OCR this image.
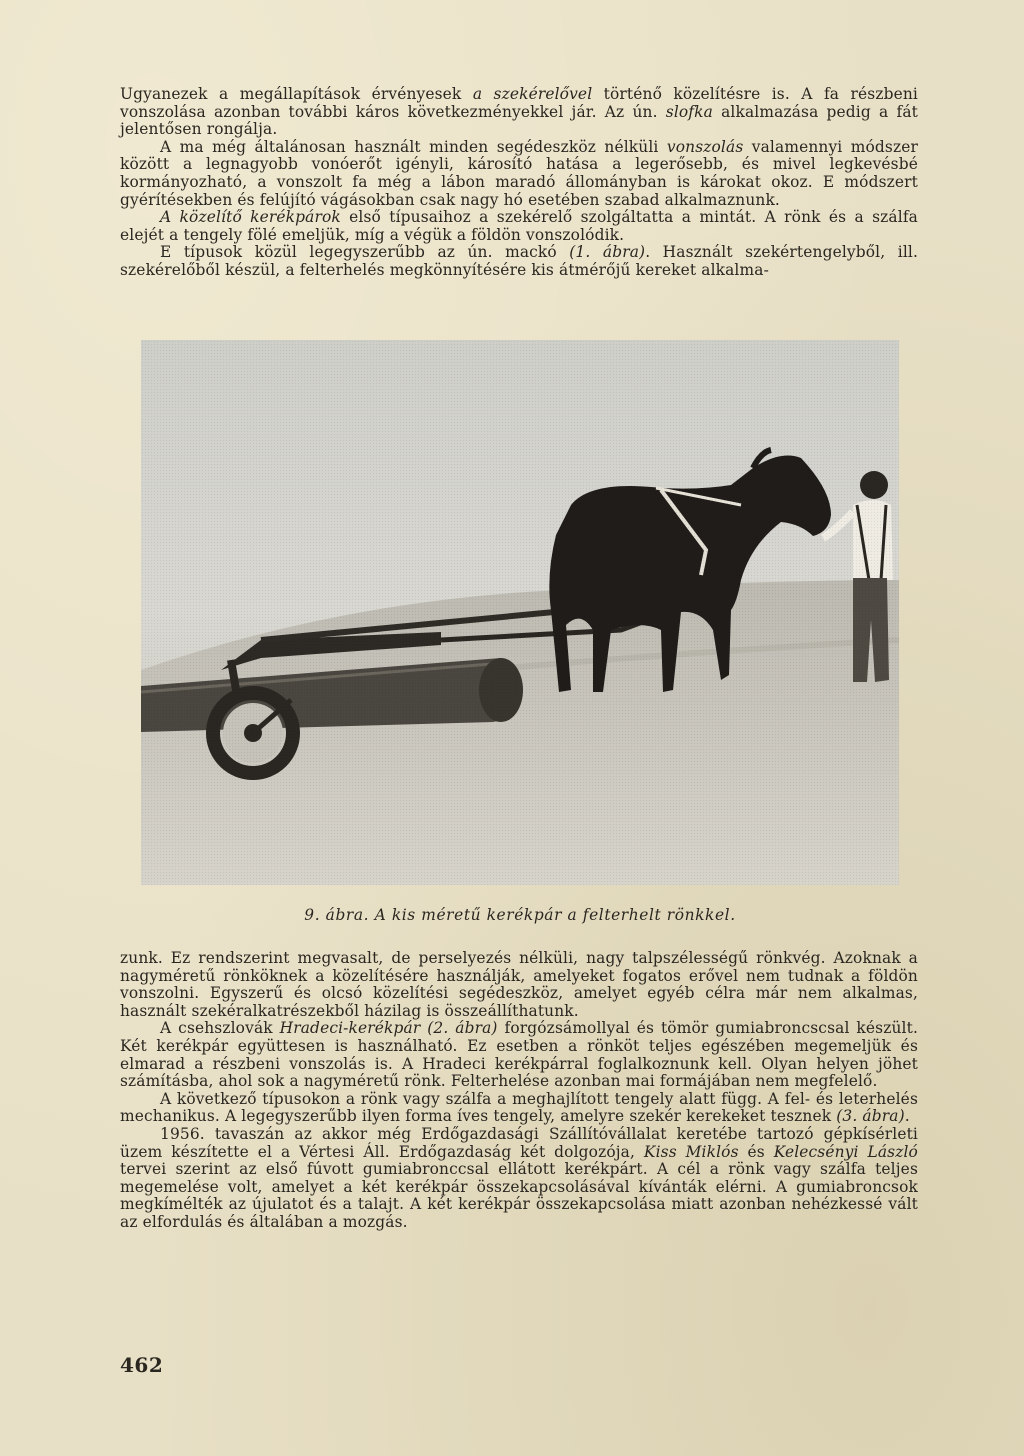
Ugyanezek a megállapítások érvényesek a szekérelővel történő közelítésre is. A fa részbeni vonszolása azonban további káros következményekkel jár. Az ún. slofka alkalmazása pedig a fát jelentősen rongálja.

A ma még általánosan használt minden segédeszköz nélküli vonszolás valamennyi módszer között a legnagyobb vonóerőt igényli, károsító hatása a legerősebb, és mivel legkevésbé kormányozható, a vonszolt fa még a lábon maradó állományban is károkat okoz. E módszert gyérítésekben és felújító vágásokban csak nagy hó esetében szabad alkalmaznunk.

A közelítő kerékpárok első típusaihoz a szekérelő szolgáltatta a mintát. A rönk és a szálfa elejét a tengely fölé emeljük, míg a végük a földön vonszolódik.

E típusok közül legegyszerűbb az ún. mackó (1. ábra). Használt szekértengelyből, ill. szekérelőből készül, a felterhelés megkönnyítésére kis átmérőjű kereket alkalma-

9. ábra. A kis méretű kerékpár a felterhelt rönkkel.

zunk. Ez rendszerint megvasalt, de perselyezés nélküli, nagy talpszélességű rönkvég. Azoknak a nagyméretű rönköknek a közelítésére használják, amelyeket fogatos erővel nem tudnak a földön vonszolni. Egyszerű és olcsó közelítési segédeszköz, amelyet egyéb célra már nem alkalmas, használt szekéralkatrészekből házilag is összeállíthatunk.

A csehszlovák Hradeci-kerékpár (2. ábra) forgózsámollyal és tömör gumiabroncscsal készült. Két kerékpár együttesen is használható. Ez esetben a rönköt teljes egészében megemeljük és elmarad a részbeni vonszolás is. A Hradeci kerékpárral foglalkoznunk kell. Olyan helyen jöhet számításba, ahol sok a nagyméretű rönk. Felterhelése azonban mai formájában nem megfelelő.

A következő típusokon a rönk vagy szálfa a meghajlított tengely alatt függ. A fel- és leterhelés mechanikus. A legegyszerűbb ilyen forma íves tengely, amelyre szekér kerekeket tesznek (3. ábra).

1956. tavaszán az akkor még Erdőgazdasági Szállítóvállalat keretébe tartozó gépkísérleti üzem készítette el a Vértesi Áll. Erdőgazdaság két dolgozója, Kiss Miklós és Kelecsényi László tervei szerint az első fúvott gumiabronccsal ellátott kerékpárt. A cél a rönk vagy szálfa teljes megemelése volt, amelyet a két kerékpár összekapcsolásával kívánták elérni. A gumiabroncsok megkímélték az újulatot és a talajt. A két kerékpár összekapcsolása miatt azonban nehézkessé vált az elfordulás és általában a mozgás.

462
